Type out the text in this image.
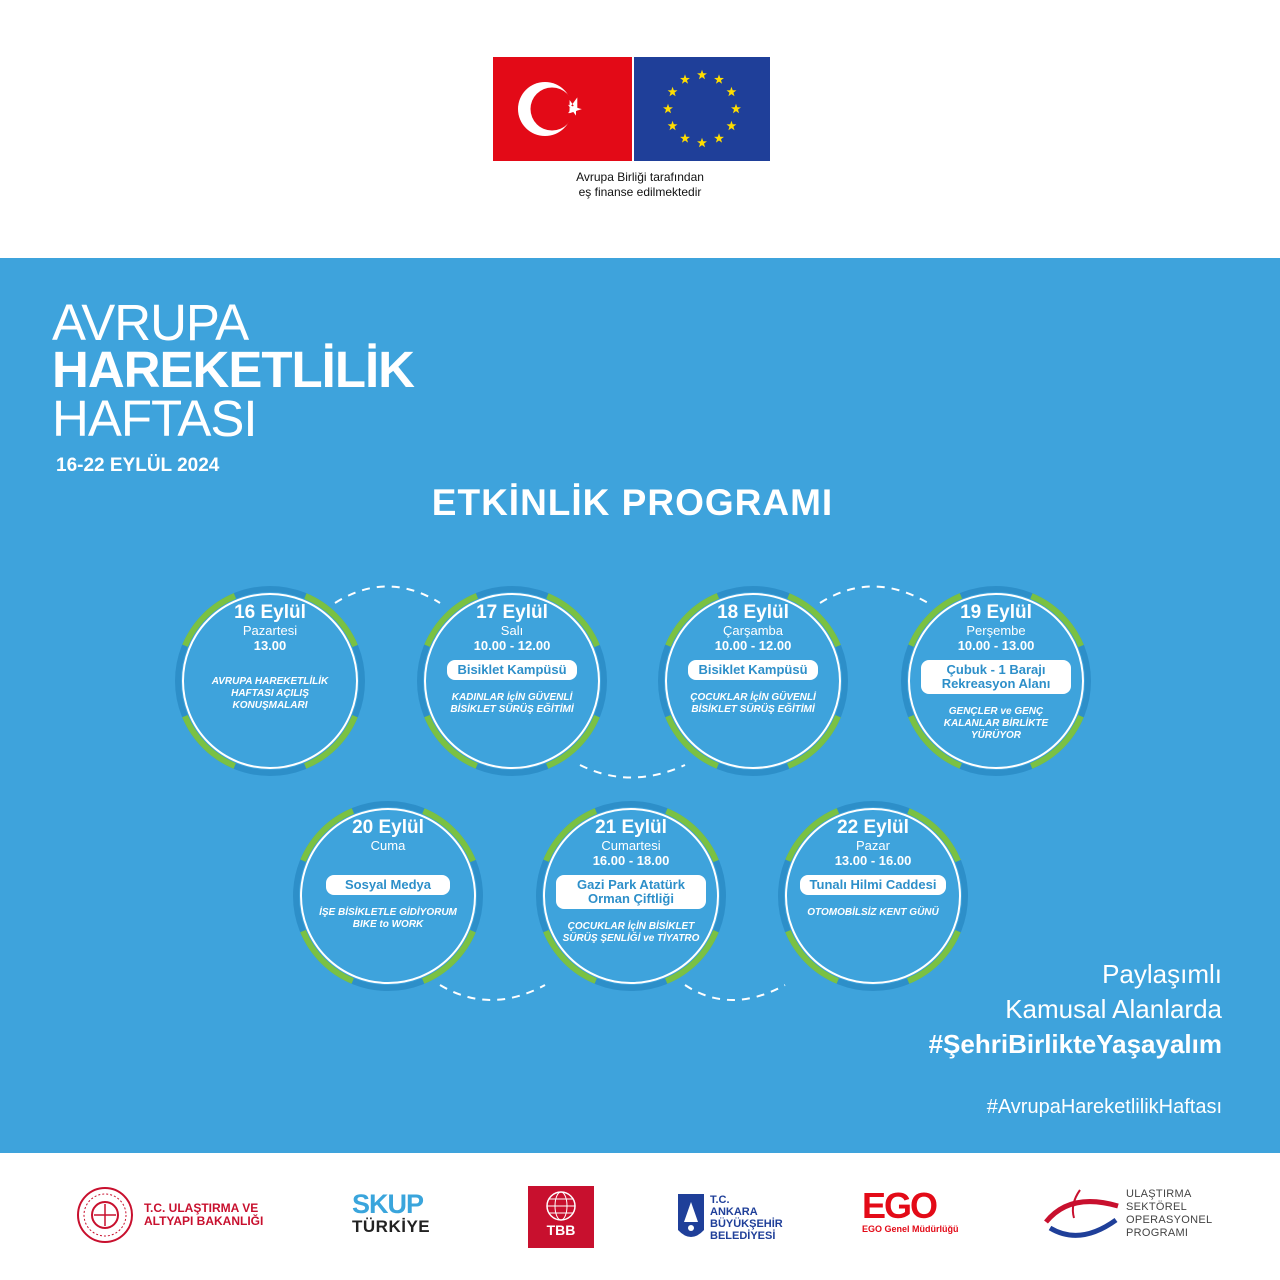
Avrupa Birliği tarafından
eş finanse edilmektedir
AVRUPA
HAREKETLİLİK
HAFTASI
16-22 EYLÜL 2024
ETKİNLİK PROGRAMI
16 Eylül
Pazartesi
13.00
AVRUPA HAREKETLİLİK HAFTASI AÇILIŞ KONUŞMALARI
17 Eylül
Salı
10.00 - 12.00
Bisiklet Kampüsü
KADINLAR İçİN GÜVENLİ BİSİKLET SÜRÜŞ EĞİTİMİ
18 Eylül
Çarşamba
10.00 - 12.00
Bisiklet Kampüsü
ÇOCUKLAR İçİN GÜVENLİ BİSİKLET SÜRÜŞ EĞİTİMİ
19 Eylül
Perşembe
10.00 - 13.00
Çubuk - 1 Barajı Rekreasyon Alanı
GENÇLER ve GENÇ KALANLAR BİRLİKTE YÜRÜYOR
20 Eylül
Cuma
Sosyal Medya
İŞE BİSİKLETLE GİDİYORUM BIKE to WORK
21 Eylül
Cumartesi
16.00 - 18.00
Gazi Park Atatürk Orman Çiftliği
ÇOCUKLAR İçİN BİSİKLET SÜRÜŞ ŞENLİĞİ ve TİYATRO
22 Eylül
Pazar
13.00 - 16.00
Tunalı Hilmi Caddesi
OTOMOBİLSİZ KENT GÜNÜ
Paylaşımlı
Kamusal Alanlarda
#ŞehriBirlikteYaşayalım
#AvrupaHareketlilikHaftası
T.C. ULAŞTIRMA VE
ALTYAPI BAKANLIĞI
SKUP
TÜRKİYE	TBB
T.C.
ANKARA
BÜYÜKŞEHİR
BELEDİYESİ
EGO
EGO Genel Müdürlüğü
ULAŞTIRMA
SEKTÖREL
OPERASYONEL
PROGRAMI
